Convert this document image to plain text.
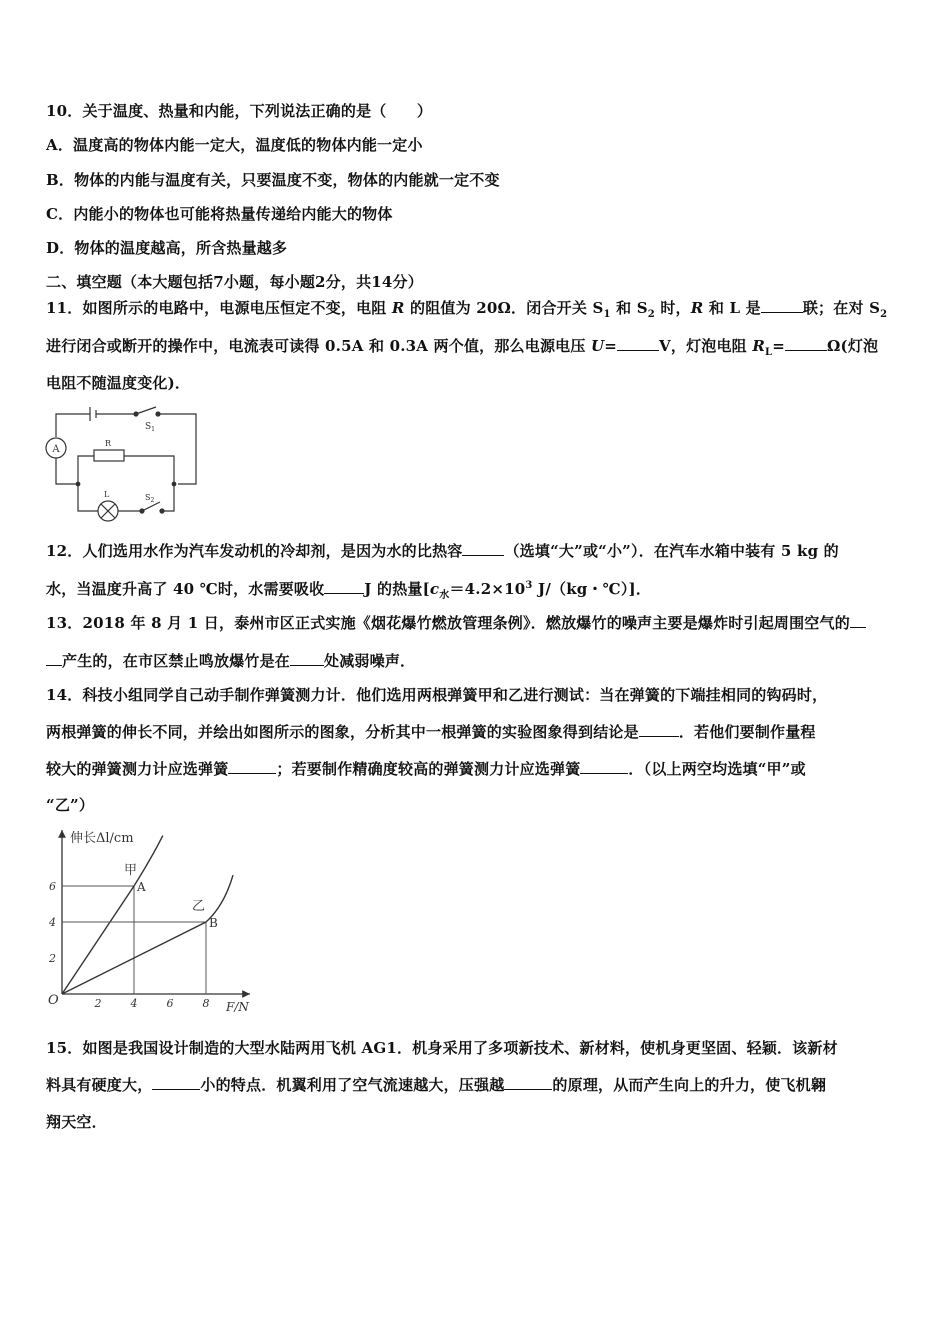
10．关于温度、热量和内能，下列说法正确的是（　　）
A．温度高的物体内能一定大，温度低的物体内能一定小
B．物体的内能与温度有关，只要温度不变，物体的内能就一定不变
C．内能小的物体也可能将热量传递给内能大的物体
D．物体的温度越高，所含热量越多
二、填空题（本大题包括7小题，每小题2分，共14分）
11．如图所示的电路中，电源电压恒定不变，电阻 R 的阻值为 20Ω．闭合开关 $S_1$ 和 $S_2$ 时，R 和 L 是	联；在对 $S_2$
进行闭合或断开的操作中，电流表可读得 0.5A 和 0.3A 两个值，那么电源电压 U=	V，灯泡电阻 $R_L=$	Ω(灯泡
电阻不随温度变化)．
A
$S_1$
R
L	$S_2$
12．人们选用水作为汽车发动机的冷却剂，是因为水的比热容	（选填“大”或“小”）．在汽车水箱中装有 5 kg 的
水，当温度升高了 40 ℃时，水需要吸收	J 的热量[$c_水=4.2\times 10^3$ J/（kg・℃）]．
13．2018 年 8 月 1 日，泰州市区正式实施《烟花爆竹燃放管理条例》．燃放爆竹的噪声主要是爆炸时引起周围空气的
产生的，在市区禁止鸣放爆竹是在 处减弱噪声．
14．科技小组同学自己动手制作弹簧测力计．他们选用两根弹簧甲和乙进行测试：当在弹簧的下端挂相同的钩码时，
两根弹簧的伸长不同，并绘出如图所示的图象，分析其中一根弹簧的实验图象得到结论是	．若他们要制作量程
较大的弹簧测力计应选弹簧	；若要制作精确度较高的弹簧测力计应选弹簧	．（以上两空均选填“甲”或
“乙”）
伸长Δl/cm
F/N
O	2	4	6	8
2
4
6
甲
A
乙
B
15．如图是我国设计制造的大型水陆两用飞机 AG1．机身采用了多项新技术、新材料，使机身更坚固、轻颖．该新材
料具有硬度大，	小的特点．机翼利用了空气流速越大，压强越	的原理，从而产生向上的升力，使飞机翱
翔天空．
